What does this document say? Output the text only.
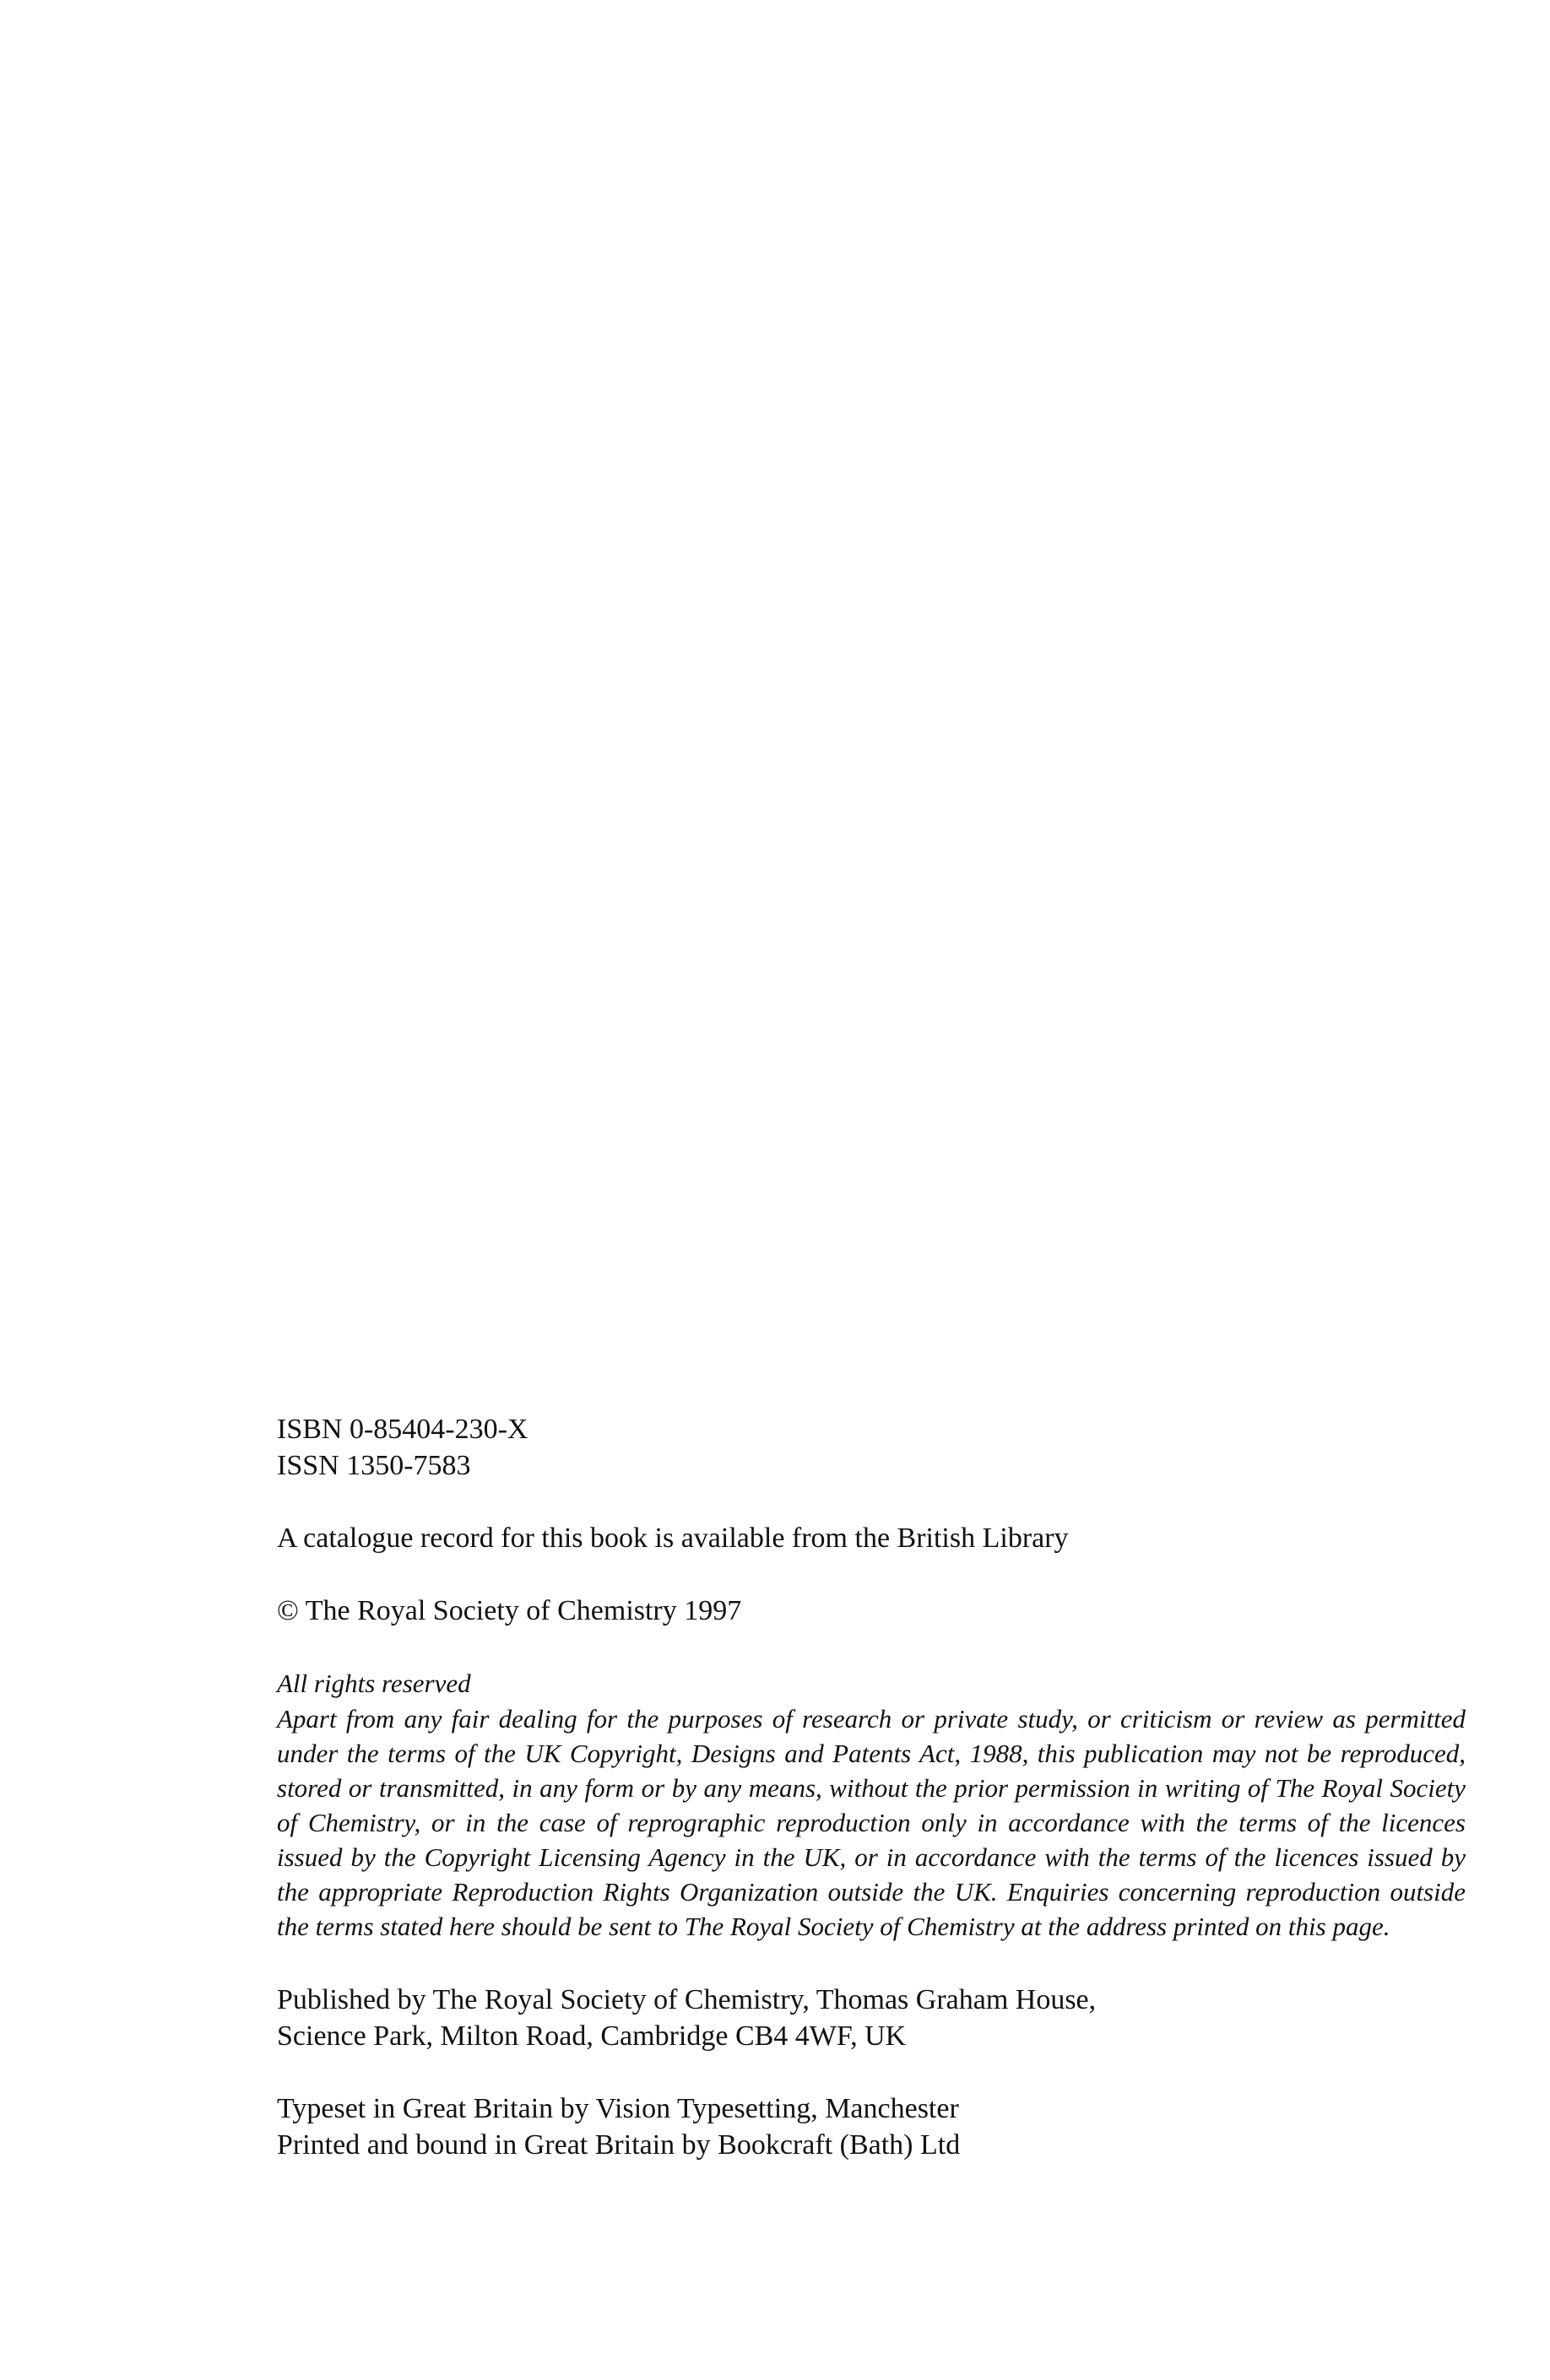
ISBN 0-85404-230-X
ISSN 1350-7583
A catalogue record for this book is available from the British Library
© The Royal Society of Chemistry 1997
All rights reserved
Apart from any fair dealing for the purposes of research or private study, or criticism or review as permitted under the terms of the UK Copyright, Designs and Patents Act, 1988, this publication may not be reproduced, stored or transmitted, in any form or by any means, without the prior permission in writing of The Royal Society of Chemistry, or in the case of reprographic reproduction only in accordance with the terms of the licences issued by the Copyright Licensing Agency in the UK, or in accordance with the terms of the licences issued by the appropriate Reproduction Rights Organization outside the UK. Enquiries concerning reproduction outside the terms stated here should be sent to The Royal Society of Chemistry at the address printed on this page.
Published by The Royal Society of Chemistry, Thomas Graham House,
Science Park, Milton Road, Cambridge CB4 4WF, UK
Typeset in Great Britain by Vision Typesetting, Manchester
Printed and bound in Great Britain by Bookcraft (Bath) Ltd
